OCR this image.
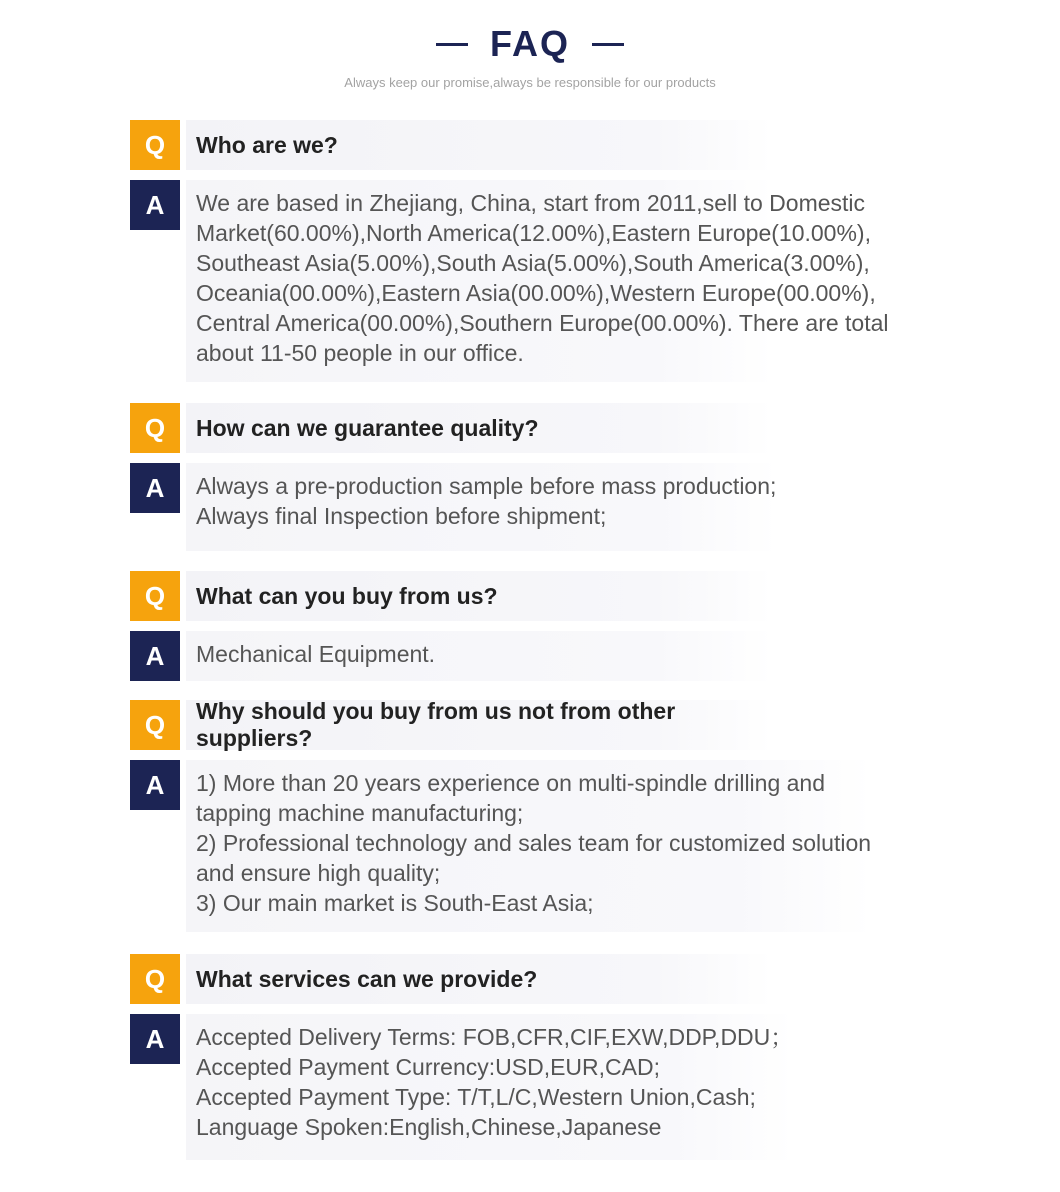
FAQ
Always keep our promise,always be responsible for our products
Q	Who are we?
A	We are based in Zhejiang, China, start from 2011,sell to Domestic
Market(60.00%),North America(12.00%),Eastern Europe(10.00%),
Southeast Asia(5.00%),South Asia(5.00%),South America(3.00%),
Oceania(00.00%),Eastern Asia(00.00%),Western Europe(00.00%),
Central America(00.00%),Southern Europe(00.00%). There are total
about 11-50 people in our office.
Q	How can we guarantee quality?
A	Always a pre-production sample before mass production;
Always final Inspection before shipment;
Q	What can you buy from us?
A	Mechanical Equipment.
Q	Why should you buy from us not from other suppliers?
A	1) More than 20 years experience on multi-spindle drilling and
tapping machine manufacturing;
2) Professional technology and sales team for customized solution
and ensure high quality;
3) Our main market is South-East Asia;
Q	What services can we provide?
A	Accepted Delivery Terms: FOB,CFR,CIF,EXW,DDP,DDU；
Accepted Payment Currency:USD,EUR,CAD;
Accepted Payment Type: T/T,L/C,Western Union,Cash;
Language Spoken:English,Chinese,Japanese
